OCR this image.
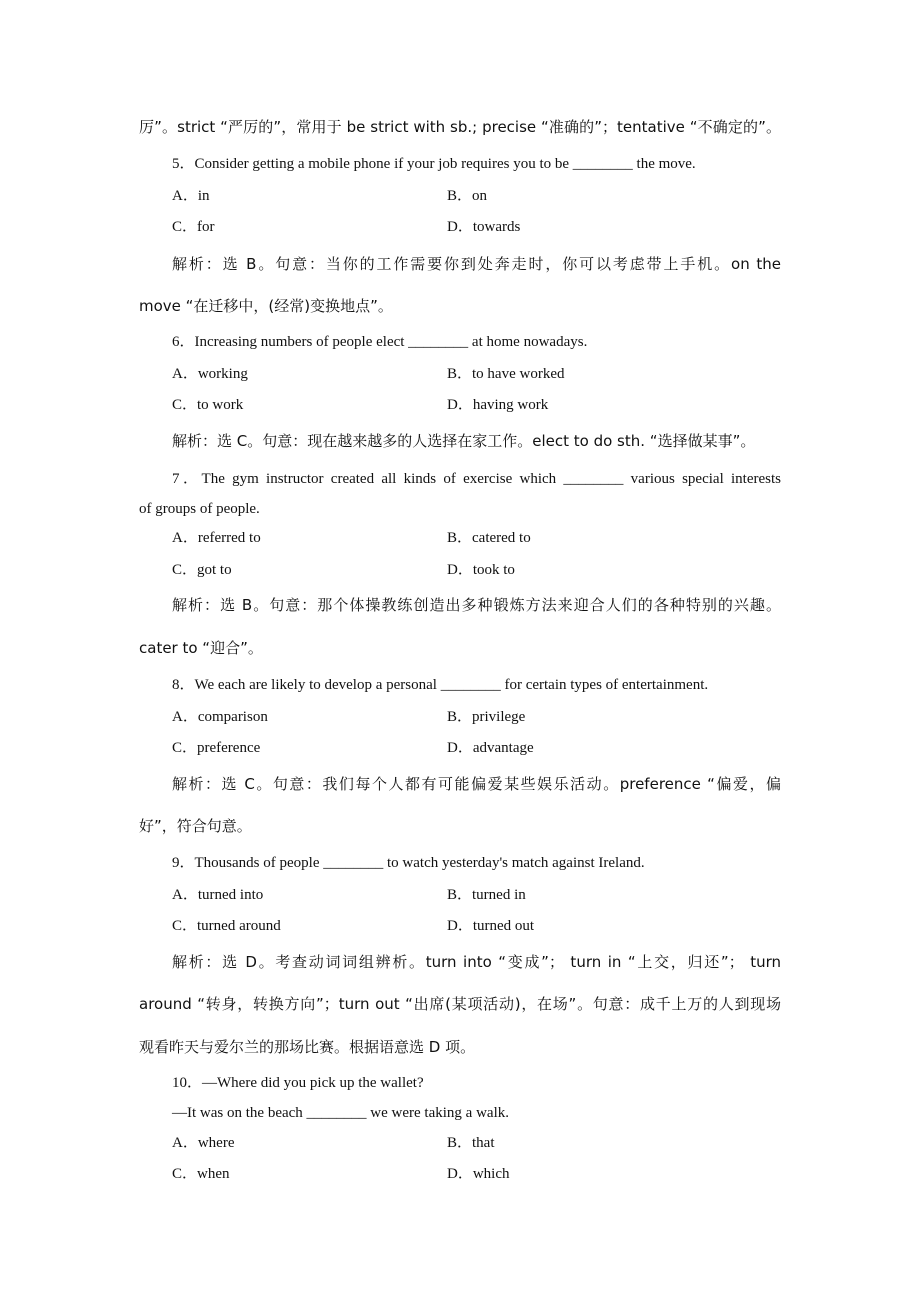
厉”。strict “严厉的”，常用于 be strict with sb.; precise “准确的”；tentative “不确定的”。
5．Consider getting a mobile phone if your job requires you to be ________ the move.
A．in	B．on
C．for	D．towards
解析：选 B。句意：当你的工作需要你到处奔走时，你可以考虑带上手机。on the
move “在迁移中，(经常)变换地点”。
6．Increasing numbers of people elect ________ at home nowadays.
A．working	B．to have worked
C．to work	D．having work
解析：选 C。句意：现在越来越多的人选择在家工作。elect to do sth. “选择做某事”。
7．The gym instructor created all kinds of exercise which ________ various special interests
of groups of people.
A．referred to	B．catered to
C．got to	D．took to
解析：选 B。句意：那个体操教练创造出多种锻炼方法来迎合人们的各种特别的兴趣。
cater to “迎合”。
8．We each are likely to develop a personal ________ for certain types of entertainment.
A．comparison	B．privilege
C．preference	D．advantage
解析：选 C。句意：我们每个人都有可能偏爱某些娱乐活动。preference “偏爱，偏
好”，符合句意。
9．Thousands of people ________ to watch yesterday's match against Ireland.
A．turned into	B．turned in
C．turned around	D．turned out
解析：选 D。考查动词词组辨析。turn into “变成”； turn in “上交，归还”； turn
around “转身，转换方向”；turn out “出席(某项活动)，在场”。句意：成千上万的人到现场
观看昨天与爱尔兰的那场比赛。根据语意选 D 项。
10．—Where did you pick up the wallet?
—It was on the beach ________ we were taking a walk.
A．where	B．that
C．when	D．which
